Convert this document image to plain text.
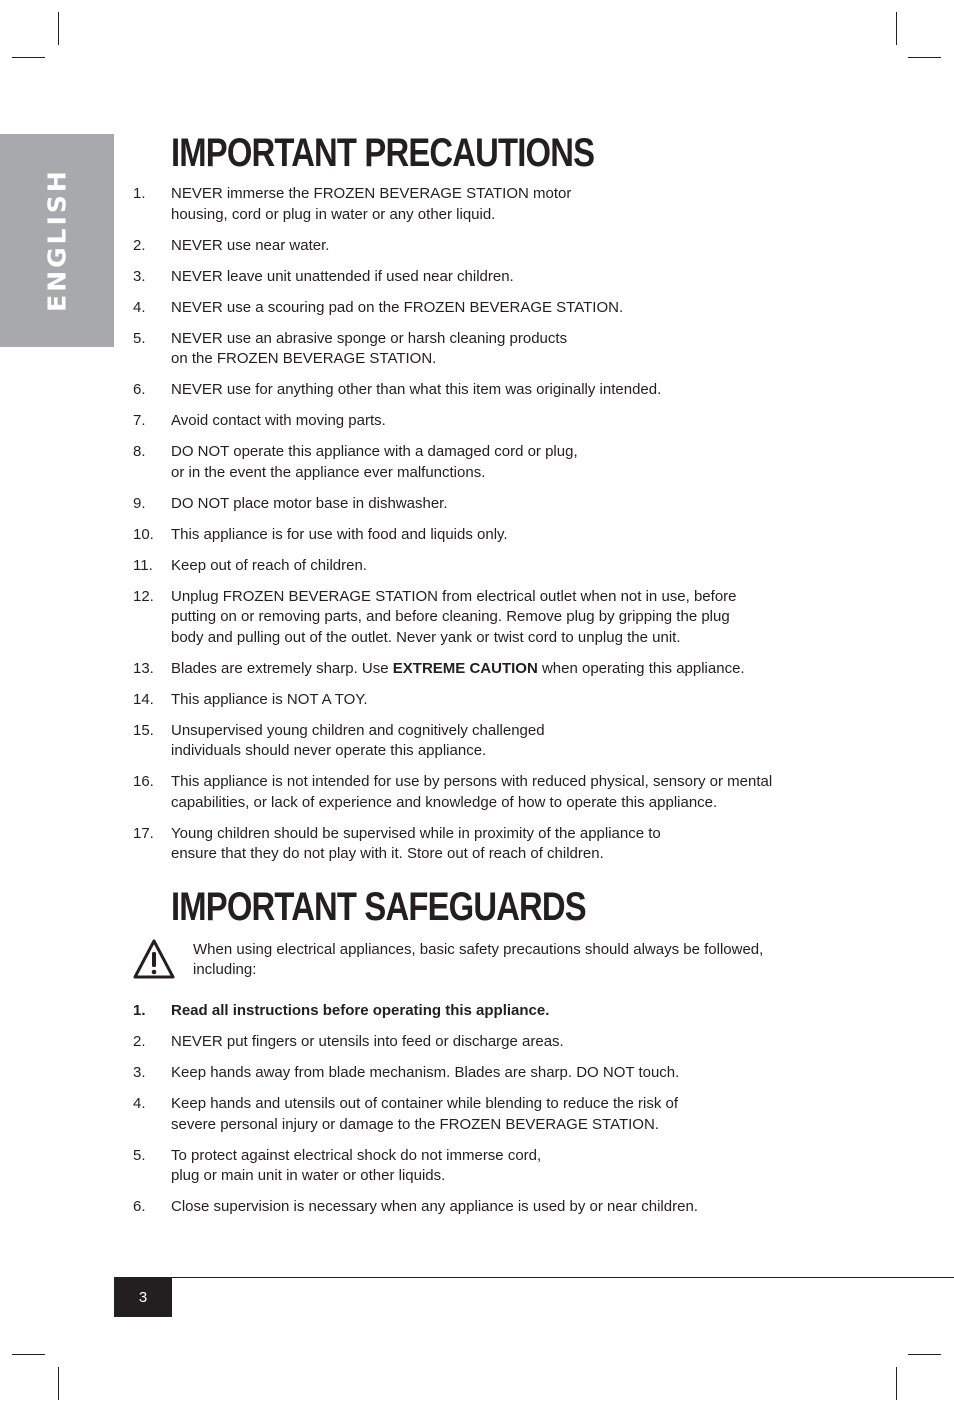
ENGLISH
IMPORTANT PRECAUTIONS
1.	NEVER immerse the FROZEN BEVERAGE STATION motor
housing, cord or plug in water or any other liquid.
2.	NEVER use near water.
3.	NEVER leave unit unattended if used near children.
4.	NEVER use a scouring pad on the FROZEN BEVERAGE STATION.
5.	NEVER use an abrasive sponge or harsh cleaning products
on the FROZEN BEVERAGE STATION.
6.	NEVER use for anything other than what this item was originally intended.
7.	Avoid contact with moving parts.
8.	DO NOT operate this appliance with a damaged cord or plug,
or in the event the appliance ever malfunctions.
9.	DO NOT place motor base in dishwasher.
10.	This appliance is for use with food and liquids only.
11.	Keep out of reach of children.
12.	Unplug FROZEN BEVERAGE STATION from electrical outlet when not in use, before
putting on or removing parts, and before cleaning. Remove plug by gripping the plug
body and pulling out of the outlet. Never yank or twist cord to unplug the unit.
13.	Blades are extremely sharp. Use EXTREME CAUTION when operating this appliance.
14.	This appliance is NOT A TOY.
15.	Unsupervised young children and cognitively challenged
individuals should never operate this appliance.
16.	This appliance is not intended for use by persons with reduced physical, sensory or mental
capabilities, or lack of experience and knowledge of how to operate this appliance.
17.	Young children should be supervised while in proximity of the appliance to
ensure that they do not play with it. Store out of reach of children.
IMPORTANT SAFEGUARDS
When using electrical appliances, basic safety precautions should always be followed,
including:
1.	Read all instructions before operating this appliance.
2.	NEVER put fingers or utensils into feed or discharge areas.
3.	Keep hands away from blade mechanism. Blades are sharp. DO NOT touch.
4.	Keep hands and utensils out of container while blending to reduce the risk of
severe personal injury or damage to the FROZEN BEVERAGE STATION.
5.	To protect against electrical shock do not immerse cord,
plug or main unit in water or other liquids.
6.	Close supervision is necessary when any appliance is used by or near children.
3
